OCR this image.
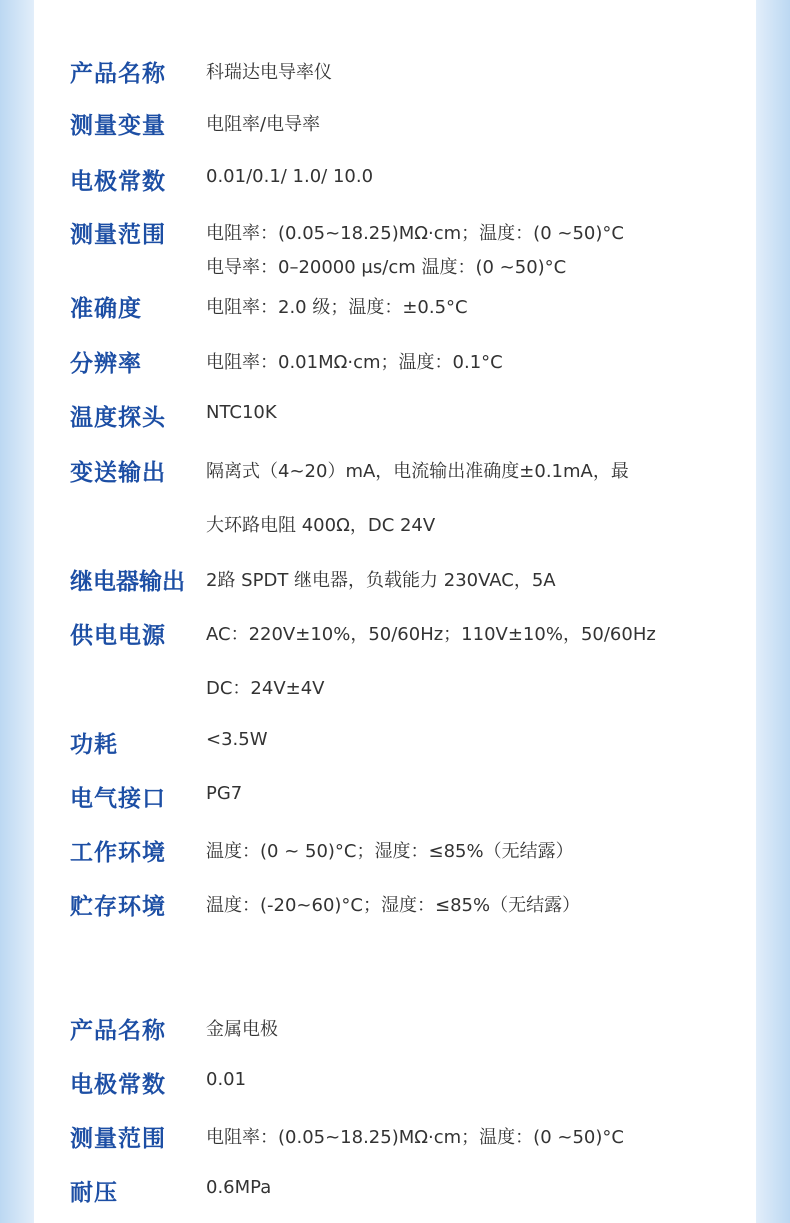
产品名称 科瑞达电导率仪
测量变量 电阻率/电导率
电极常数 0.01/0.1/ 1.0/ 10.0
测量范围 电阻率：(0.05~18.25)MΩ·cm；温度：(0 ~50)°C
电导率：0–20000 μs/cm 温度：(0 ~50)°C
准确度	电阻率：2.0 级；温度：±0.5°C
分辨率	电阻率：0.01MΩ·cm；温度：0.1°C
温度探头 NTC10K
变送输出 隔离式（4~20）mA，电流输出准确度±0.1mA，最
大环路电阻 400Ω，DC 24V
继电器输出 2路 SPDT 继电器，负载能力 230VAC，5A
供电电源 AC：220V±10%，50/60Hz；110V±10%，50/60Hz
DC：24V±4V
功耗	<3.5W
电气接口 PG7
工作环境 温度：(0 ~ 50)°C；湿度：≤85%（无结露）
贮存环境 温度：(-20~60)°C；湿度：≤85%（无结露）
产品名称 金属电极
电极常数 0.01
测量范围 电阻率：(0.05~18.25)MΩ·cm；温度：(0 ~50)°C
耐压	0.6MPa
